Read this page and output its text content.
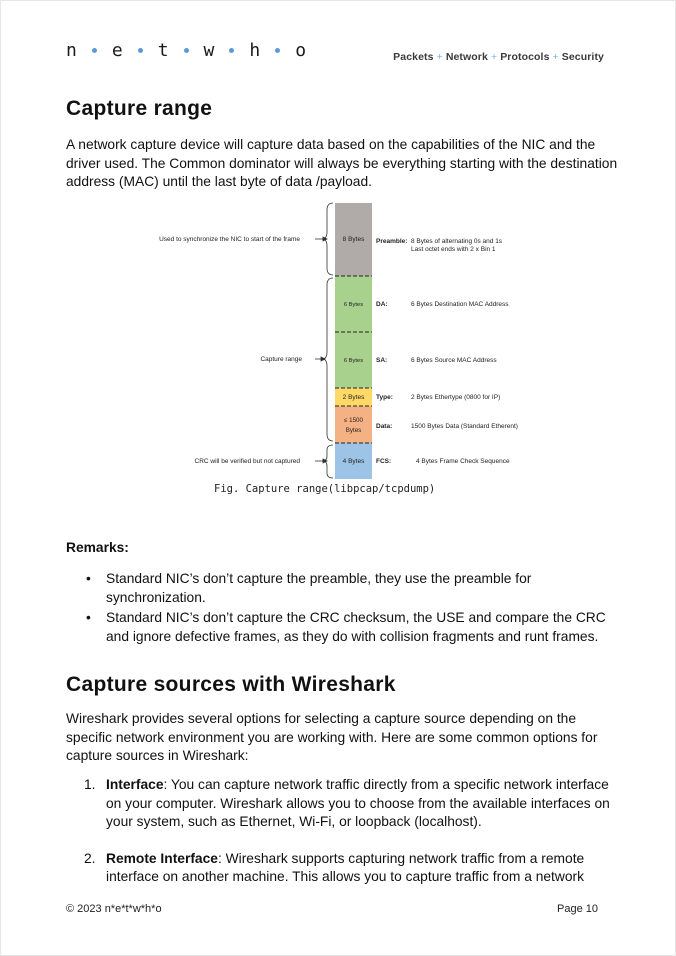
n e t w h o	Packets + Network + Protocols + Security
Capture range

A network capture device will capture data based on the capabilities of the NIC and the driver used. The Common dominator will always be everything starting with the destination address (MAC) until the last byte of data /payload.

Used to synchronize the NIC to start of the frame
Capture range
CRC will be verified but not captured
8 Bytes
6 Bytes
6 Bytes
2 Bytes
≤ 1500
Bytes
4 Bytes
Preamble:
DA:
SA:
Type:
Data:
FCS:
8 Bytes of alternating 0s and 1s
Last octet ends with 2 x Bin 1
6 Bytes Destination MAC Address
6 Bytes Source MAC Address
2 Bytes Ethertype (0800 for IP)
1500 Bytes Data (Standard Etherent)
4 Bytes Frame Check Sequence
Fig. Capture range(libpcap/tcpdump)

Remarks:

• Standard NIC’s don’t capture the preamble, they use the preamble for synchronization.
• Standard NIC’s don’t capture the CRC checksum, the USE and compare the CRC and ignore defective frames, as they do with collision fragments and runt frames.
Capture sources with Wireshark

Wireshark provides several options for selecting a capture source depending on the specific network environment you are working with. Here are some common options for capture sources in Wireshark:

1. Interface: You can capture network traffic directly from a specific network interface on your computer. Wireshark allows you to choose from the available interfaces on your system, such as Ethernet, Wi-Fi, or loopback (localhost).
2. Remote Interface: Wireshark supports capturing network traffic from a remote interface on another machine. This allows you to capture traffic from a network
© 2023 n*e*t*w*h*o	Page 10
